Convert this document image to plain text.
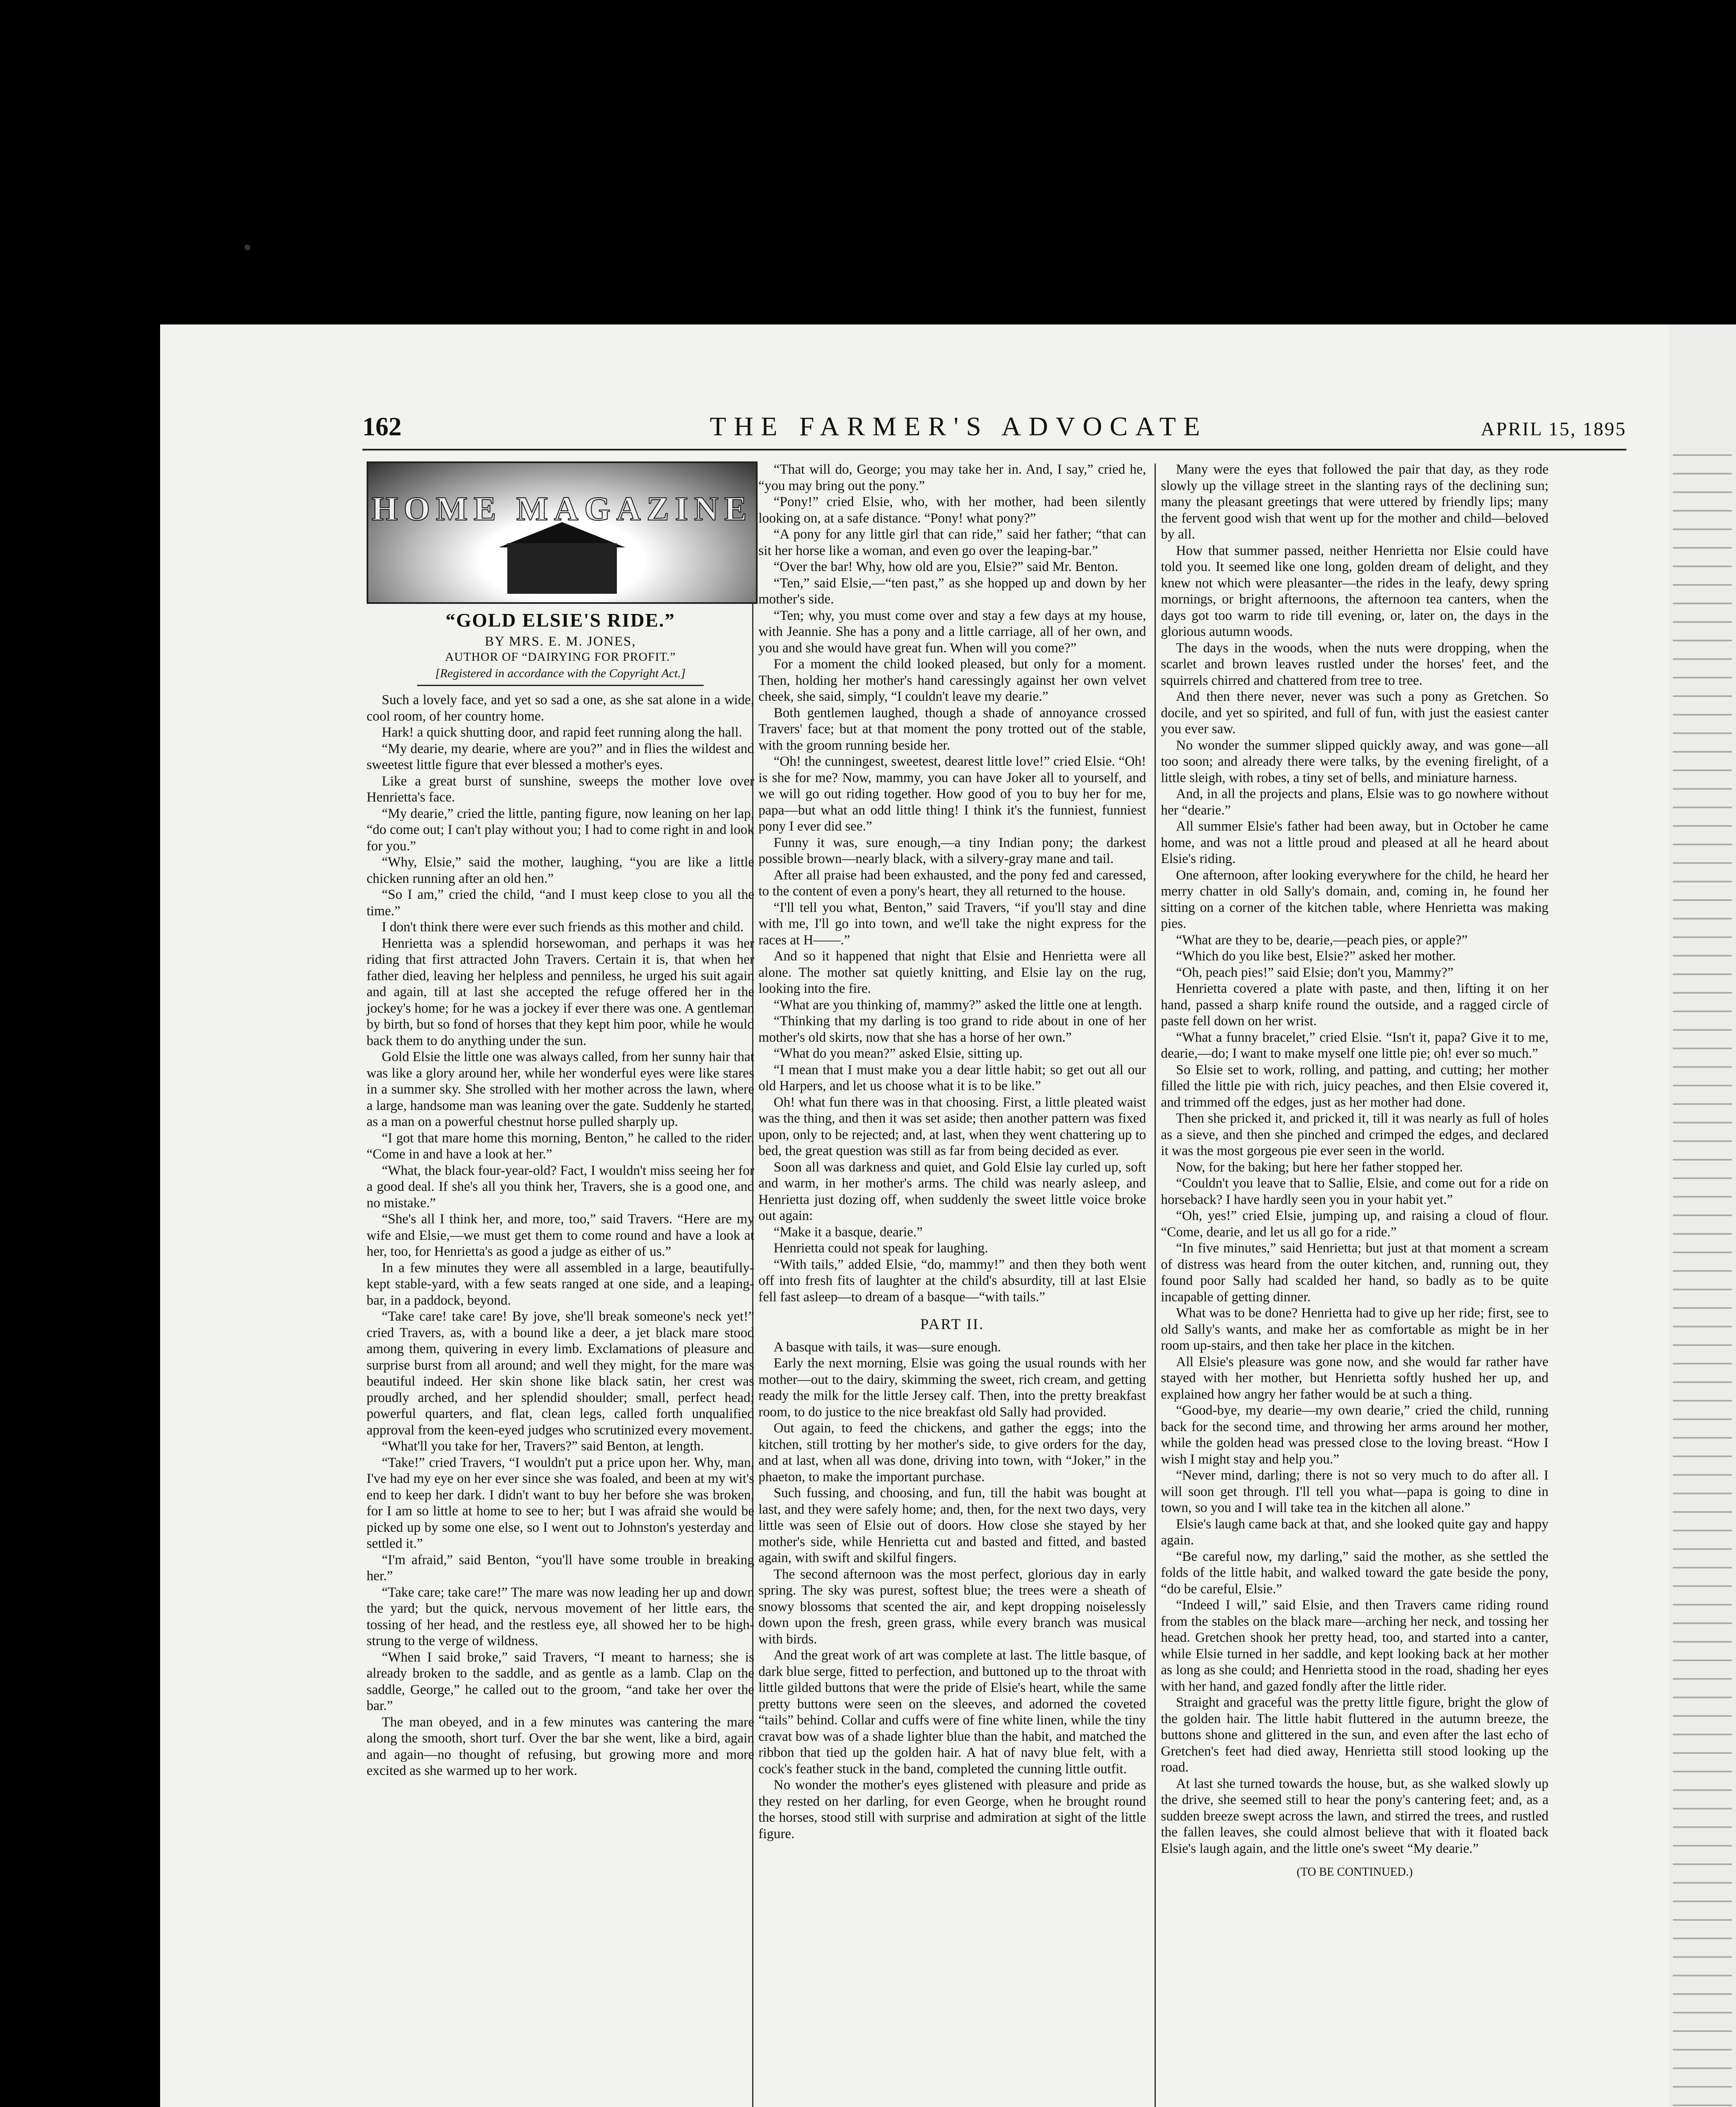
162	THE FARMER'S ADVOCATE	APRIL 15, 1895
HOME MAGAZINE
“GOLD ELSIE'S RIDE.”
BY MRS. E. M. JONES,
AUTHOR OF “DAIRYING FOR PROFIT.”
[Registered in accordance with the Copyright Act.]

Such a lovely face, and yet so sad a one, as she sat alone in a wide, cool room, of her country home.

Hark! a quick shutting door, and rapid feet running along the hall.

“My dearie, my dearie, where are you?” and in flies the wildest and sweetest little figure that ever blessed a mother's eyes.

Like a great burst of sunshine, sweeps the mother love over Henrietta's face.

“My dearie,” cried the little, panting figure, now leaning on her lap, “do come out; I can't play without you; I had to come right in and look for you.”

“Why, Elsie,” said the mother, laughing, “you are like a little chicken running after an old hen.”

“So I am,” cried the child, “and I must keep close to you all the time.”

I don't think there were ever such friends as this mother and child.

Henrietta was a splendid horsewoman, and perhaps it was her riding that first attracted John Travers. Certain it is, that when her father died, leaving her helpless and penniless, he urged his suit again and again, till at last she accepted the refuge offered her in the jockey's home; for he was a jockey if ever there was one. A gentleman by birth, but so fond of horses that they kept him poor, while he would back them to do anything under the sun.

Gold Elsie the little one was always called, from her sunny hair that was like a glory around her, while her wonderful eyes were like stares in a summer sky. She strolled with her mother across the lawn, where a large, handsome man was leaning over the gate. Suddenly he started, as a man on a powerful chestnut horse pulled sharply up.

“I got that mare home this morning, Benton,” he called to the rider. “Come in and have a look at her.”

“What, the black four-year-old? Fact, I wouldn't miss seeing her for a good deal. If she's all you think her, Travers, she is a good one, and no mistake.”

“She's all I think her, and more, too,” said Travers. “Here are my wife and Elsie,—we must get them to come round and have a look at her, too, for Henrietta's as good a judge as either of us.”

In a few minutes they were all assembled in a large, beautifully-kept stable-yard, with a few seats ranged at one side, and a leaping-bar, in a paddock, beyond.

“Take care! take care! By jove, she'll break someone's neck yet!” cried Travers, as, with a bound like a deer, a jet black mare stood among them, quivering in every limb. Exclamations of pleasure and surprise burst from all around; and well they might, for the mare was beautiful indeed. Her skin shone like black satin, her crest was proudly arched, and her splendid shoulder; small, perfect head; powerful quarters, and flat, clean legs, called forth unqualified approval from the keen-eyed judges who scrutinized every movement.

“What'll you take for her, Travers?” said Benton, at length.

“Take!” cried Travers, “I wouldn't put a price upon her. Why, man, I've had my eye on her ever since she was foaled, and been at my wit's end to keep her dark. I didn't want to buy her before she was broken, for I am so little at home to see to her; but I was afraid she would be picked up by some one else, so I went out to Johnston's yesterday and settled it.”

“I'm afraid,” said Benton, “you'll have some trouble in breaking her.”

“Take care; take care!” The mare was now leading her up and down the yard; but the quick, nervous movement of her little ears, the tossing of her head, and the restless eye, all showed her to be high-strung to the verge of wildness.

“When I said broke,” said Travers, “I meant to harness; she is already broken to the saddle, and as gentle as a lamb. Clap on the saddle, George,” he called out to the groom, “and take her over the bar.”

The man obeyed, and in a few minutes was cantering the mare along the smooth, short turf. Over the bar she went, like a bird, again and again—no thought of refusing, but growing more and more excited as she warmed up to her work.

“That will do, George; you may take her in. And, I say,” cried he, “you may bring out the pony.”

“Pony!” cried Elsie, who, with her mother, had been silently looking on, at a safe distance. “Pony! what pony?”

“A pony for any little girl that can ride,” said her father; “that can sit her horse like a woman, and even go over the leaping-bar.”

“Over the bar! Why, how old are you, Elsie?” said Mr. Benton.

“Ten,” said Elsie,—“ten past,” as she hopped up and down by her mother's side.

“Ten; why, you must come over and stay a few days at my house, with Jeannie. She has a pony and a little carriage, all of her own, and you and she would have great fun. When will you come?”

For a moment the child looked pleased, but only for a moment. Then, holding her mother's hand caressingly against her own velvet cheek, she said, simply, “I couldn't leave my dearie.”

Both gentlemen laughed, though a shade of annoyance crossed Travers' face; but at that moment the pony trotted out of the stable, with the groom running beside her.

“Oh! the cunningest, sweetest, dearest little love!” cried Elsie. “Oh! is she for me? Now, mammy, you can have Joker all to yourself, and we will go out riding together. How good of you to buy her for me, papa—but what an odd little thing! I think it's the funniest, funniest pony I ever did see.”

Funny it was, sure enough,—a tiny Indian pony; the darkest possible brown—nearly black, with a silvery-gray mane and tail.

After all praise had been exhausted, and the pony fed and caressed, to the content of even a pony's heart, they all returned to the house.

“I'll tell you what, Benton,” said Travers, “if you'll stay and dine with me, I'll go into town, and we'll take the night express for the races at H——.”

And so it happened that night that Elsie and Henrietta were all alone. The mother sat quietly knitting, and Elsie lay on the rug, looking into the fire.

“What are you thinking of, mammy?” asked the little one at length.

“Thinking that my darling is too grand to ride about in one of her mother's old skirts, now that she has a horse of her own.”

“What do you mean?” asked Elsie, sitting up.

“I mean that I must make you a dear little habit; so get out all our old Harpers, and let us choose what it is to be like.”

Oh! what fun there was in that choosing. First, a little pleated waist was the thing, and then it was set aside; then another pattern was fixed upon, only to be rejected; and, at last, when they went chattering up to bed, the great question was still as far from being decided as ever.

Soon all was darkness and quiet, and Gold Elsie lay curled up, soft and warm, in her mother's arms. The child was nearly asleep, and Henrietta just dozing off, when suddenly the sweet little voice broke out again:

“Make it a basque, dearie.”

Henrietta could not speak for laughing.

“With tails,” added Elsie, “do, mammy!” and then they both went off into fresh fits of laughter at the child's absurdity, till at last Elsie fell fast asleep—to dream of a basque—“with tails.”

PART II.

A basque with tails, it was—sure enough.

Early the next morning, Elsie was going the usual rounds with her mother—out to the dairy, skimming the sweet, rich cream, and getting ready the milk for the little Jersey calf. Then, into the pretty breakfast room, to do justice to the nice breakfast old Sally had provided.

Out again, to feed the chickens, and gather the eggs; into the kitchen, still trotting by her mother's side, to give orders for the day, and at last, when all was done, driving into town, with “Joker,” in the phaeton, to make the important purchase.

Such fussing, and choosing, and fun, till the habit was bought at last, and they were safely home; and, then, for the next two days, very little was seen of Elsie out of doors. How close she stayed by her mother's side, while Henrietta cut and basted and fitted, and basted again, with swift and skilful fingers.

The second afternoon was the most perfect, glorious day in early spring. The sky was purest, softest blue; the trees were a sheath of snowy blossoms that scented the air, and kept dropping noiselessly down upon the fresh, green grass, while every branch was musical with birds.

And the great work of art was complete at last. The little basque, of dark blue serge, fitted to perfection, and buttoned up to the throat with little gilded buttons that were the pride of Elsie's heart, while the same pretty buttons were seen on the sleeves, and adorned the coveted “tails” behind. Collar and cuffs were of fine white linen, while the tiny cravat bow was of a shade lighter blue than the habit, and matched the ribbon that tied up the golden hair. A hat of navy blue felt, with a cock's feather stuck in the band, completed the cunning little outfit.

No wonder the mother's eyes glistened with pleasure and pride as they rested on her darling, for even George, when he brought round the horses, stood still with surprise and admiration at sight of the little figure.

Many were the eyes that followed the pair that day, as they rode slowly up the village street in the slanting rays of the declining sun; many the pleasant greetings that were uttered by friendly lips; many the fervent good wish that went up for the mother and child—beloved by all.

How that summer passed, neither Henrietta nor Elsie could have told you. It seemed like one long, golden dream of delight, and they knew not which were pleasanter—the rides in the leafy, dewy spring mornings, or bright afternoons, the afternoon tea canters, when the days got too warm to ride till evening, or, later on, the days in the glorious autumn woods.

The days in the woods, when the nuts were dropping, when the scarlet and brown leaves rustled under the horses' feet, and the squirrels chirred and chattered from tree to tree.

And then there never, never was such a pony as Gretchen. So docile, and yet so spirited, and full of fun, with just the easiest canter you ever saw.

No wonder the summer slipped quickly away, and was gone—all too soon; and already there were talks, by the evening firelight, of a little sleigh, with robes, a tiny set of bells, and miniature harness.

And, in all the projects and plans, Elsie was to go nowhere without her “dearie.”

All summer Elsie's father had been away, but in October he came home, and was not a little proud and pleased at all he heard about Elsie's riding.

One afternoon, after looking everywhere for the child, he heard her merry chatter in old Sally's domain, and, coming in, he found her sitting on a corner of the kitchen table, where Henrietta was making pies.

“What are they to be, dearie,—peach pies, or apple?”

“Which do you like best, Elsie?” asked her mother.

“Oh, peach pies!” said Elsie; don't you, Mammy?”

Henrietta covered a plate with paste, and then, lifting it on her hand, passed a sharp knife round the outside, and a ragged circle of paste fell down on her wrist.

“What a funny bracelet,” cried Elsie. “Isn't it, papa? Give it to me, dearie,—do; I want to make myself one little pie; oh! ever so much.”

So Elsie set to work, rolling, and patting, and cutting; her mother filled the little pie with rich, juicy peaches, and then Elsie covered it, and trimmed off the edges, just as her mother had done.

Then she pricked it, and pricked it, till it was nearly as full of holes as a sieve, and then she pinched and crimped the edges, and declared it was the most gorgeous pie ever seen in the world.

Now, for the baking; but here her father stopped her.

“Couldn't you leave that to Sallie, Elsie, and come out for a ride on horseback? I have hardly seen you in your habit yet.”

“Oh, yes!” cried Elsie, jumping up, and raising a cloud of flour. “Come, dearie, and let us all go for a ride.”

“In five minutes,” said Henrietta; but just at that moment a scream of distress was heard from the outer kitchen, and, running out, they found poor Sally had scalded her hand, so badly as to be quite incapable of getting dinner.

What was to be done? Henrietta had to give up her ride; first, see to old Sally's wants, and make her as comfortable as might be in her room up-stairs, and then take her place in the kitchen.

All Elsie's pleasure was gone now, and she would far rather have stayed with her mother, but Henrietta softly hushed her up, and explained how angry her father would be at such a thing.

“Good-bye, my dearie—my own dearie,” cried the child, running back for the second time, and throwing her arms around her mother, while the golden head was pressed close to the loving breast. “How I wish I might stay and help you.”

“Never mind, darling; there is not so very much to do after all. I will soon get through. I'll tell you what—papa is going to dine in town, so you and I will take tea in the kitchen all alone.”

Elsie's laugh came back at that, and she looked quite gay and happy again.

“Be careful now, my darling,” said the mother, as she settled the folds of the little habit, and walked toward the gate beside the pony, “do be careful, Elsie.”

“Indeed I will,” said Elsie, and then Travers came riding round from the stables on the black mare—arching her neck, and tossing her head. Gretchen shook her pretty head, too, and started into a canter, while Elsie turned in her saddle, and kept looking back at her mother as long as she could; and Henrietta stood in the road, shading her eyes with her hand, and gazed fondly after the little rider.

Straight and graceful was the pretty little figure, bright the glow of the golden hair. The little habit fluttered in the autumn breeze, the buttons shone and glittered in the sun, and even after the last echo of Gretchen's feet had died away, Henrietta still stood looking up the road.

At last she turned towards the house, but, as she walked slowly up the drive, she seemed still to hear the pony's cantering feet; and, as a sudden breeze swept across the lawn, and stirred the trees, and rustled the fallen leaves, she could almost believe that with it floated back Elsie's laugh again, and the little one's sweet “My dearie.”

(TO BE CONTINUED.)
